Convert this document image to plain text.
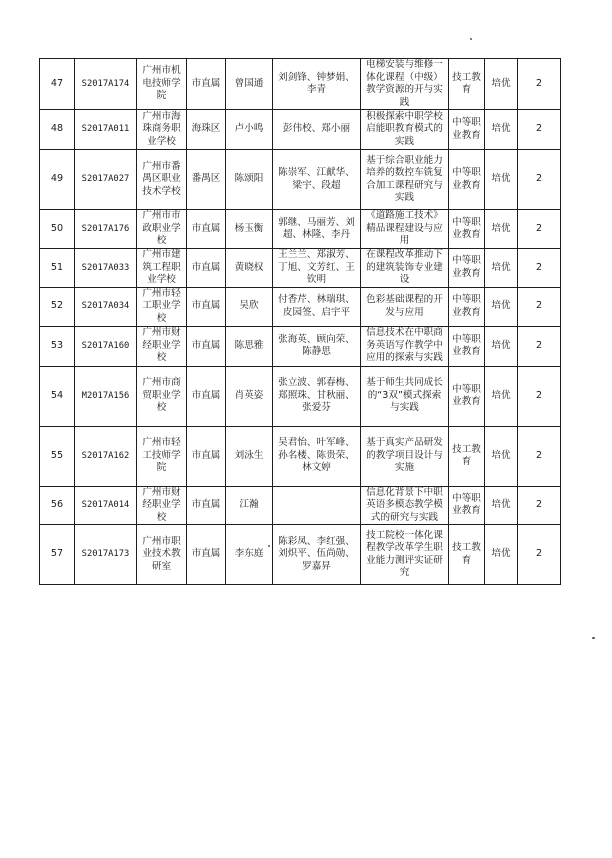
47	S2017A174	广州市机电技师学院	市直属	曾国通	刘剑锋、钟梦娟、李青	电梯安装与维修一体化课程（中级）教学资源的开与实践	技工教育	培优	2
48	S2017A011	广州市海珠商务职业学校	海珠区	卢小鸣	彭伟校、郑小丽	积极探索中职学校启能职教育模式的实践	中等职业教育	培优	2
49	S2017A027	广州市番禺区职业技术学校	番禺区	陈颂阳	陈崇军、江献华、梁宇、段超	基于综合职业能力培养的数控车铣复合加工课程研究与实践	中等职业教育	培优	2
50	S2017A176	广州市市政职业学校	市直属	杨玉衡	郭继、马丽芳、刘超、林隆、李丹	《道路施工技术》精品课程建设与应用	中等职业教育	培优	2
51	S2017A033	广州市建筑工程职业学校	市直属	黄晓权	王兰兰、郑淑芳、丁旭、文芳红、王钦明	在课程改革推动下的建筑装饰专业建设	中等职业教育	培优	2
52	S2017A034	广州市轻工职业学校	市直属	吴欣	付香芹、林瑞琪、皮园签、启宇平	色彩基础课程的开发与应用	中等职业教育	培优	2
53	S2017A160	广州市财经职业学校	市直属	陈思雅	张海英、顾向荣、陈静思	信息技术在中职商务英语写作教学中应用的探索与实践	中等职业教育	培优	2
54	M2017A156	广州市商贸职业学校	市直属	肖英姿	张立波、郭春梅、郑照珠、甘秋丽、张爱芬	基于师生共同成长的“3双”模式探索与实践	中等职业教育	培优	2
55	S2017A162	广州市轻工技师学院	市直属	刘泳生	吴君怡、叶军峰、孙名楼、陈贵荣、林文婷	基于真实产品研发的教学项目设计与实施	技工教育	培优	2
56	S2017A014	广州市财经职业学校	市直属	江瀚		信息化背景下中职英语多模态教学模式的研究与实践	中等职业教育	培优	2
57	S2017A173	广州市职业技术教研室	市直属	李东庭	陈彩凤、李红强、刘炽平、伍尚勋、罗嘉昇	技工院校一体化课程教学改革学生职业能力测评实证研究	技工教育	培优	2
